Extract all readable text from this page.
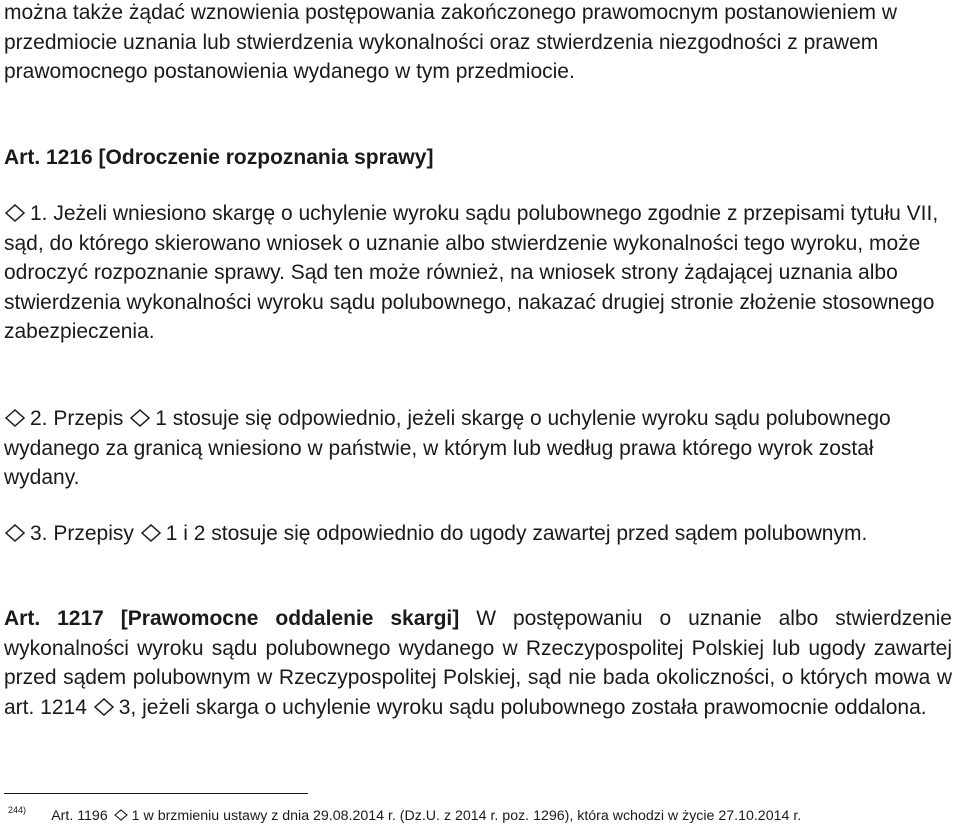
można także żądać wznowienia postępowania zakończonego prawomocnym postanowieniem w przedmiocie uznania lub stwierdzenia wykonalności oraz stwierdzenia niezgodności z prawem prawomocnego postanowienia wydanego w tym przedmiocie.

Art. 1216 [Odroczenie rozpoznania sprawy]

1. Jeżeli wniesiono skargę o uchylenie wyroku sądu polubownego zgodnie z przepisami tytułu VII, sąd, do którego skierowano wniosek o uznanie albo stwierdzenie wykonalności tego wyroku, może odroczyć rozpoznanie sprawy. Sąd ten może również, na wniosek strony żądającej uznania albo stwierdzenia wykonalności wyroku sądu polubownego, nakazać drugiej stronie złożenie stosownego zabezpieczenia.

2. Przepis 1 stosuje się odpowiednio, jeżeli skargę o uchylenie wyroku sądu polubownego wydanego za granicą wniesiono w państwie, w którym lub według prawa którego wyrok został wydany.

3. Przepisy 1 i 2 stosuje się odpowiednio do ugody zawartej przed sądem polubownym.

Art. 1217 [Prawomocne oddalenie skargi] W postępowaniu o uznanie albo stwierdzenie wykonalności wyroku sądu polubownego wydanego w Rzeczypospolitej Polskiej lub ugody zawartej przed sądem polubownym w Rzeczypospolitej Polskiej, sąd nie bada okoliczności, o których mowa w art. 1214 3, jeżeli skarga o uchylenie wyroku sądu polubownego została prawomocnie oddalona.

$^{244)}$ Art. 1196 1 w brzmieniu ustawy z dnia 29.08.2014 r. (Dz.U. z 2014 r. poz. 1296), która wchodzi w życie 27.10.2014 r.
